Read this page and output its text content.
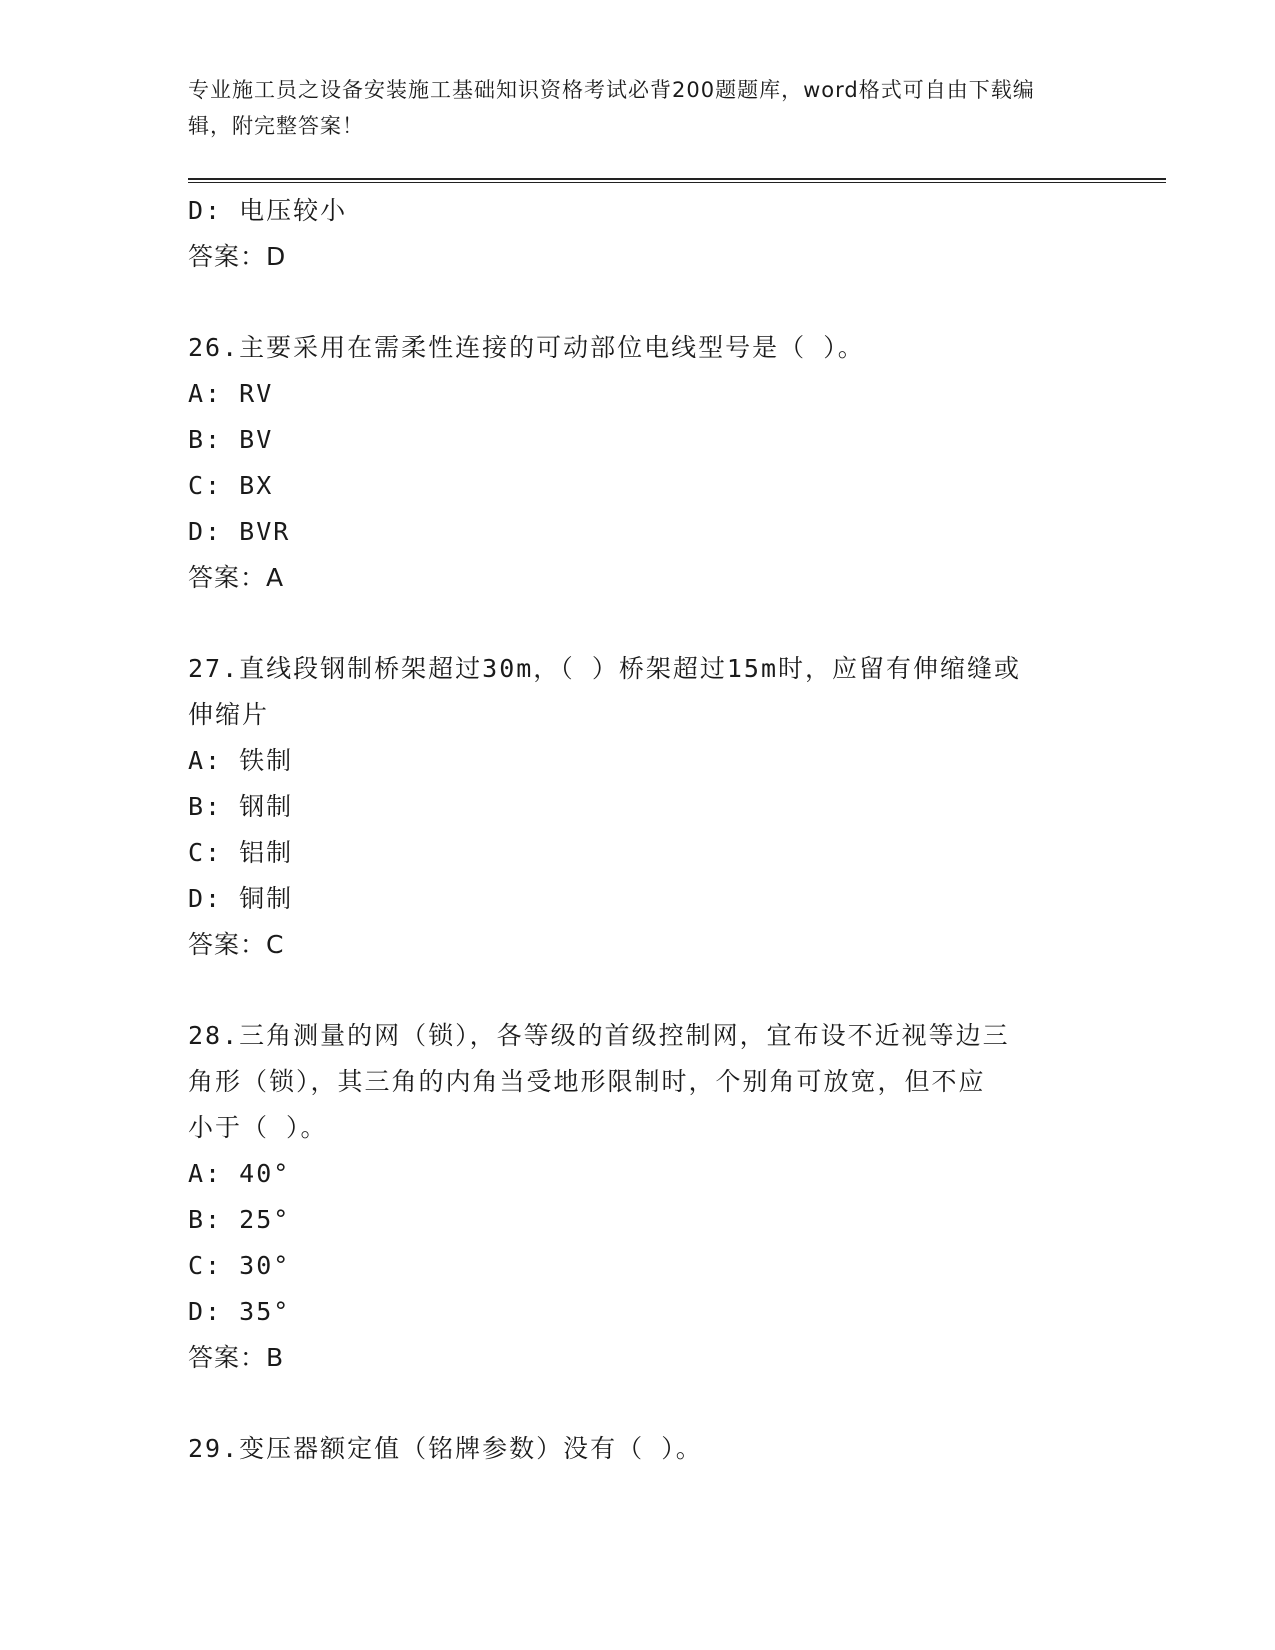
专业施工员之设备安装施工基础知识资格考试必背200题题库，word格式可自由下载编辑，附完整答案！
D: 电压较小
答案：D
26.主要采用在需柔性连接的可动部位电线型号是（ ）。
A: RV
B: BV
C: BX
D: BVR
答案：A
27.直线段钢制桥架超过30m，（ ）桥架超过15m时，应留有伸缩缝或
伸缩片
A: 铁制
B: 钢制
C: 铝制
D: 铜制
答案：C
28.三角测量的网（锁），各等级的首级控制网，宜布设不近视等边三
角形（锁），其三角的内角当受地形限制时，个别角可放宽，但不应
小于（ ）。
A: 40°
B: 25°
C: 30°
D: 35°
答案：B
29.变压器额定值（铭牌参数）没有（ ）。
